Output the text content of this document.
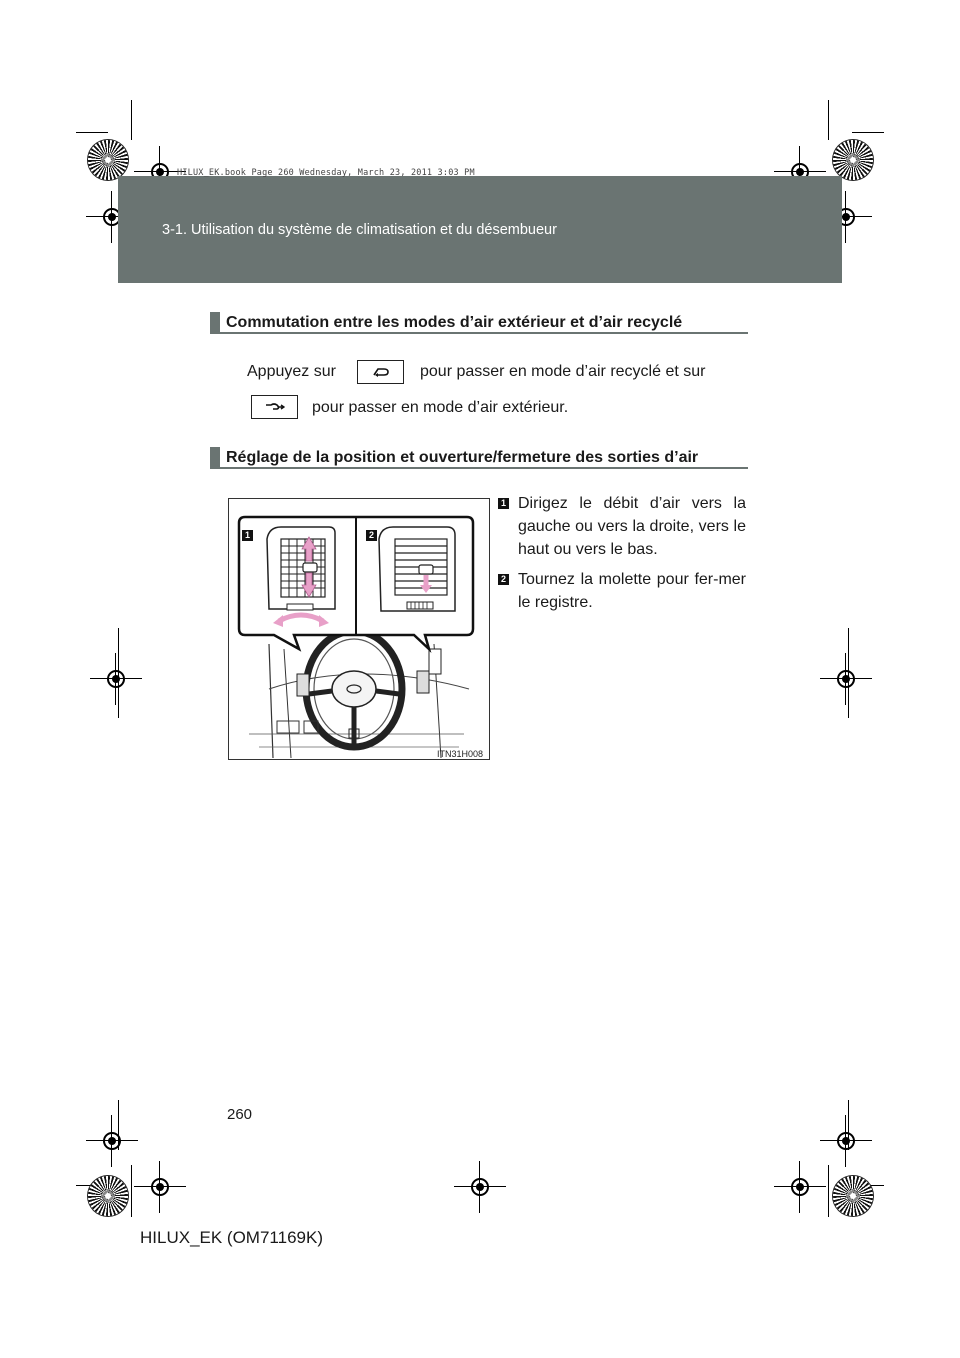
HILUX_EK.book Page 260 Wednesday, March 23, 2011 3:03 PM
3-1. Utilisation du système de climatisation et du désembueur
Commutation entre les modes d’air extérieur et d’air recyclé
Appuyez sur	pour passer en mode d’air recyclé et sur
pour passer en mode d’air extérieur.
Réglage de la position et ouverture/fermeture des sorties d’air
1	2
ITN31H008
1 Dirigez le débit d’air vers la gauche ou vers la droite, vers le haut ou vers le bas.
2 Tournez la molette pour fer-mer le registre.
260
HILUX_EK (OM71169K)
